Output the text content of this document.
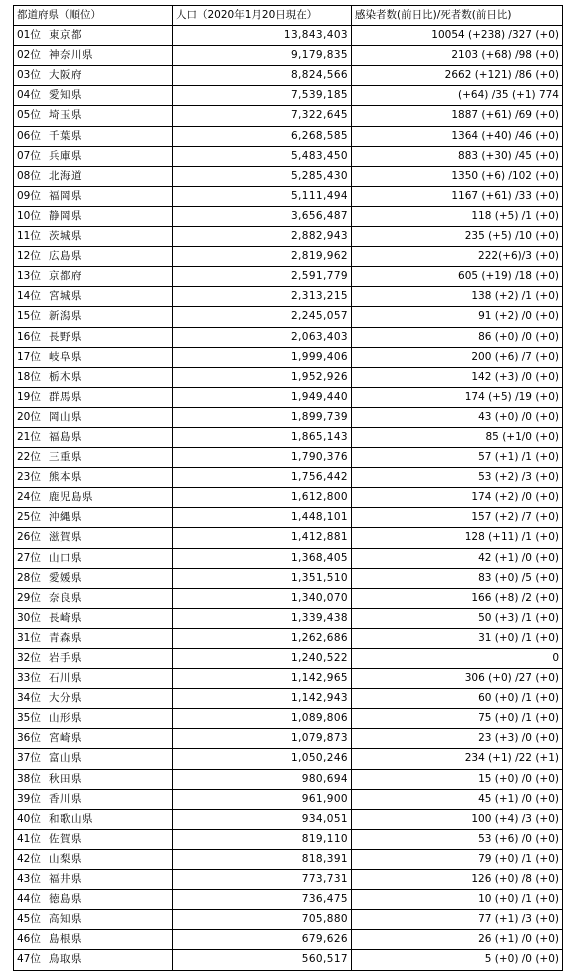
都道府県（順位）	人口（2020年1月20日現在）	感染者数(前日比)/死者数(前日比)
01位 東京都	13,843,403	10054 (+238) /327 (+0)
02位 神奈川県	9,179,835	2103 (+68) /98 (+0)
03位 大阪府	8,824,566	2662 (+121) /86 (+0)
04位 愛知県	7,539,185	(+64) /35 (+1) 774
05位 埼玉県	7,322,645	1887 (+61) /69 (+0)
06位 千葉県	6,268,585	1364 (+40) /46 (+0)
07位 兵庫県	5,483,450	883 (+30) /45 (+0)
08位 北海道	5,285,430	1350 (+6) /102 (+0)
09位 福岡県	5,111,494	1167 (+61) /33 (+0)
10位 静岡県	3,656,487	118 (+5) /1 (+0)
11位 茨城県	2,882,943	235 (+5) /10 (+0)
12位 広島県	2,819,962	222(+6)/3 (+0)
13位 京都府	2,591,779	605 (+19) /18 (+0)
14位 宮城県	2,313,215	138 (+2) /1 (+0)
15位 新潟県	2,245,057	91 (+2) /0 (+0)
16位 長野県	2,063,403	86 (+0) /0 (+0)
17位 岐阜県	1,999,406	200 (+6) /7 (+0)
18位 栃木県	1,952,926	142 (+3) /0 (+0)
19位 群馬県	1,949,440	174 (+5) /19 (+0)
20位 岡山県	1,899,739	43 (+0) /0 (+0)
21位 福島県	1,865,143	85 (+1/0 (+0)
22位 三重県	1,790,376	57 (+1) /1 (+0)
23位 熊本県	1,756,442	53 (+2) /3 (+0)
24位 鹿児島県	1,612,800	174 (+2) /0 (+0)
25位 沖縄県	1,448,101	157 (+2) /7 (+0)
26位 滋賀県	1,412,881	128 (+11) /1 (+0)
27位 山口県	1,368,405	42 (+1) /0 (+0)
28位 愛媛県	1,351,510	83 (+0) /5 (+0)
29位 奈良県	1,340,070	166 (+8) /2 (+0)
30位 長崎県	1,339,438	50 (+3) /1 (+0)
31位 青森県	1,262,686	31 (+0) /1 (+0)
32位 岩手県	1,240,522	0
33位 石川県	1,142,965	306 (+0) /27 (+0)
34位 大分県	1,142,943	60 (+0) /1 (+0)
35位 山形県	1,089,806	75 (+0) /1 (+0)
36位 宮崎県	1,079,873	23 (+3) /0 (+0)
37位 富山県	1,050,246	234 (+1) /22 (+1)
38位 秋田県	980,694	15 (+0) /0 (+0)
39位 香川県	961,900	45 (+1) /0 (+0)
40位 和歌山県	934,051	100 (+4) /3 (+0)
41位 佐賀県	819,110	53 (+6) /0 (+0)
42位 山梨県	818,391	79 (+0) /1 (+0)
43位 福井県	773,731	126 (+0) /8 (+0)
44位 徳島県	736,475	10 (+0) /1 (+0)
45位 高知県	705,880	77 (+1) /3 (+0)
46位 島根県	679,626	26 (+1) /0 (+0)
47位 鳥取県	560,517	5 (+0) /0 (+0)
